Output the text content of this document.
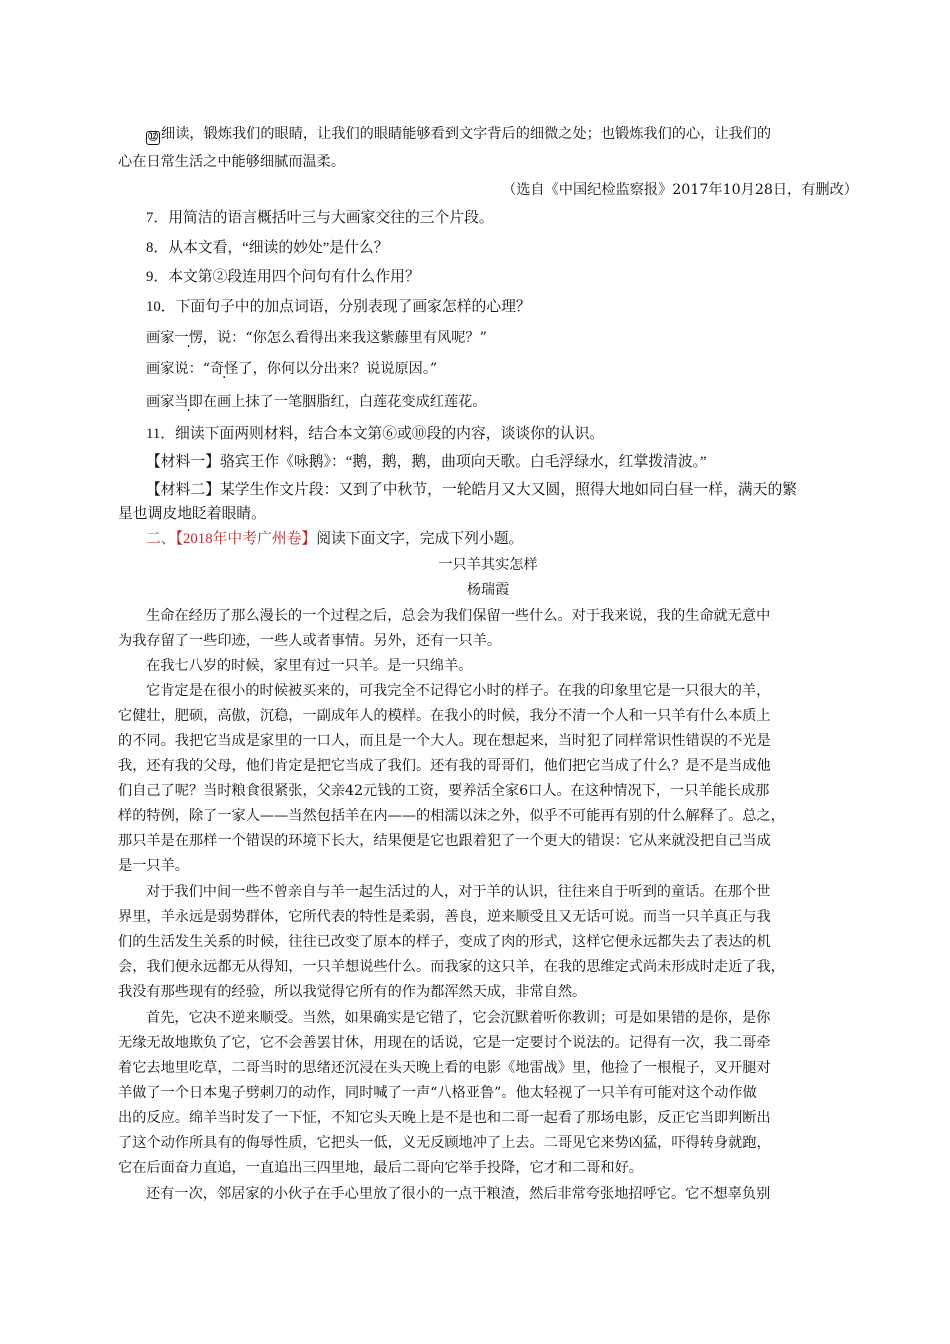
⑫ 细读，锻炼我们的眼睛，让我们的眼睛能够看到文字背后的细微之处；也锻炼我们的心，让我们的
心在日常生活之中能够细腻而温柔。
（选自《中国纪检监察报》2017年10月28日，有删改）
7．用简洁的语言概括叶三与大画家交往的三个片段。
8．从本文看，“细读的妙处”是什么？
9．本文第②段连用四个问句有什么作用？
10．下面句子中的加点词语，分别表现了画家怎样的心理？
画家一愣，说：“你怎么看得出来我这紫藤里有风呢？”
画家说：“奇怪了，你何以分出来？说说原因。”
画家当即在画上抹了一笔胭脂红，白莲花变成红莲花。
11．细读下面两则材料，结合本文第⑥或⑩段的内容，谈谈你的认识。
【材料一】骆宾王作《咏鹅》：“鹅，鹅，鹅，曲项向天歌。白毛浮绿水，红掌拨清波。”
【材料二】某学生作文片段：又到了中秋节，一轮皓月又大又圆，照得大地如同白昼一样，满天的繁
星也调皮地眨着眼睛。
二、【2018年中考广州卷】阅读下面文字，完成下列小题。
一只羊其实怎样
杨瑞霞
生命在经历了那么漫长的一个过程之后，总会为我们保留一些什么。对于我来说，我的生命就无意中
为我存留了一些印迹，一些人或者事情。另外，还有一只羊。
在我七八岁的时候，家里有过一只羊。是一只绵羊。
它肯定是在很小的时候被买来的，可我完全不记得它小时的样子。在我的印象里它是一只很大的羊，
它健壮，肥硕，高傲，沉稳，一副成年人的模样。在我小的时候，我分不清一个人和一只羊有什么本质上
的不同。我把它当成是家里的一口人，而且是一个大人。现在想起来，当时犯了同样常识性错误的不光是
我，还有我的父母，他们肯定是把它当成了我们。还有我的哥哥们，他们把它当成了什么？是不是当成他
们自己了呢？当时粮食很紧张，父亲42元钱的工资，要养活全家6口人。在这种情况下，一只羊能长成那
样的特例，除了一家人——当然包括羊在内——的相濡以沫之外，似乎不可能再有别的什么解释了。总之，
那只羊是在那样一个错误的环境下长大，结果便是它也跟着犯了一个更大的错误：它从来就没把自己当成
是一只羊。
对于我们中间一些不曾亲自与羊一起生活过的人，对于羊的认识，往往来自于听到的童话。在那个世
界里，羊永远是弱势群体，它所代表的特性是柔弱，善良，逆来顺受且又无话可说。而当一只羊真正与我
们的生活发生关系的时候，往往已改变了原本的样子，变成了肉的形式，这样它便永远都失去了表达的机
会，我们便永远都无从得知，一只羊想说些什么。而我家的这只羊，在我的思维定式尚未形成时走近了我，
我没有那些现有的经验，所以我觉得它所有的作为都浑然天成，非常自然。
首先，它决不逆来顺受。当然，如果确实是它错了，它会沉默着听你教训；可是如果错的是你，是你
无缘无故地欺负了它，它不会善罢甘休，用现在的话说，它是一定要讨个说法的。记得有一次，我二哥牵
着它去地里吃草，二哥当时的思绪还沉浸在头天晚上看的电影《地雷战》里，他捡了一根棍子，叉开腿对
羊做了一个日本鬼子劈刺刀的动作，同时喊了一声“八格亚鲁”。他太轻视了一只羊有可能对这个动作做
出的反应。绵羊当时发了一下怔，不知它头天晚上是不是也和二哥一起看了那场电影，反正它当即判断出
了这个动作所具有的侮辱性质，它把头一低，义无反顾地冲了上去。二哥见它来势凶猛，吓得转身就跑，
它在后面奋力直追，一直追出三四里地，最后二哥向它举手投降，它才和二哥和好。
还有一次，邻居家的小伙子在手心里放了很小的一点干粮渣，然后非常夸张地招呼它。它不想辜负别
